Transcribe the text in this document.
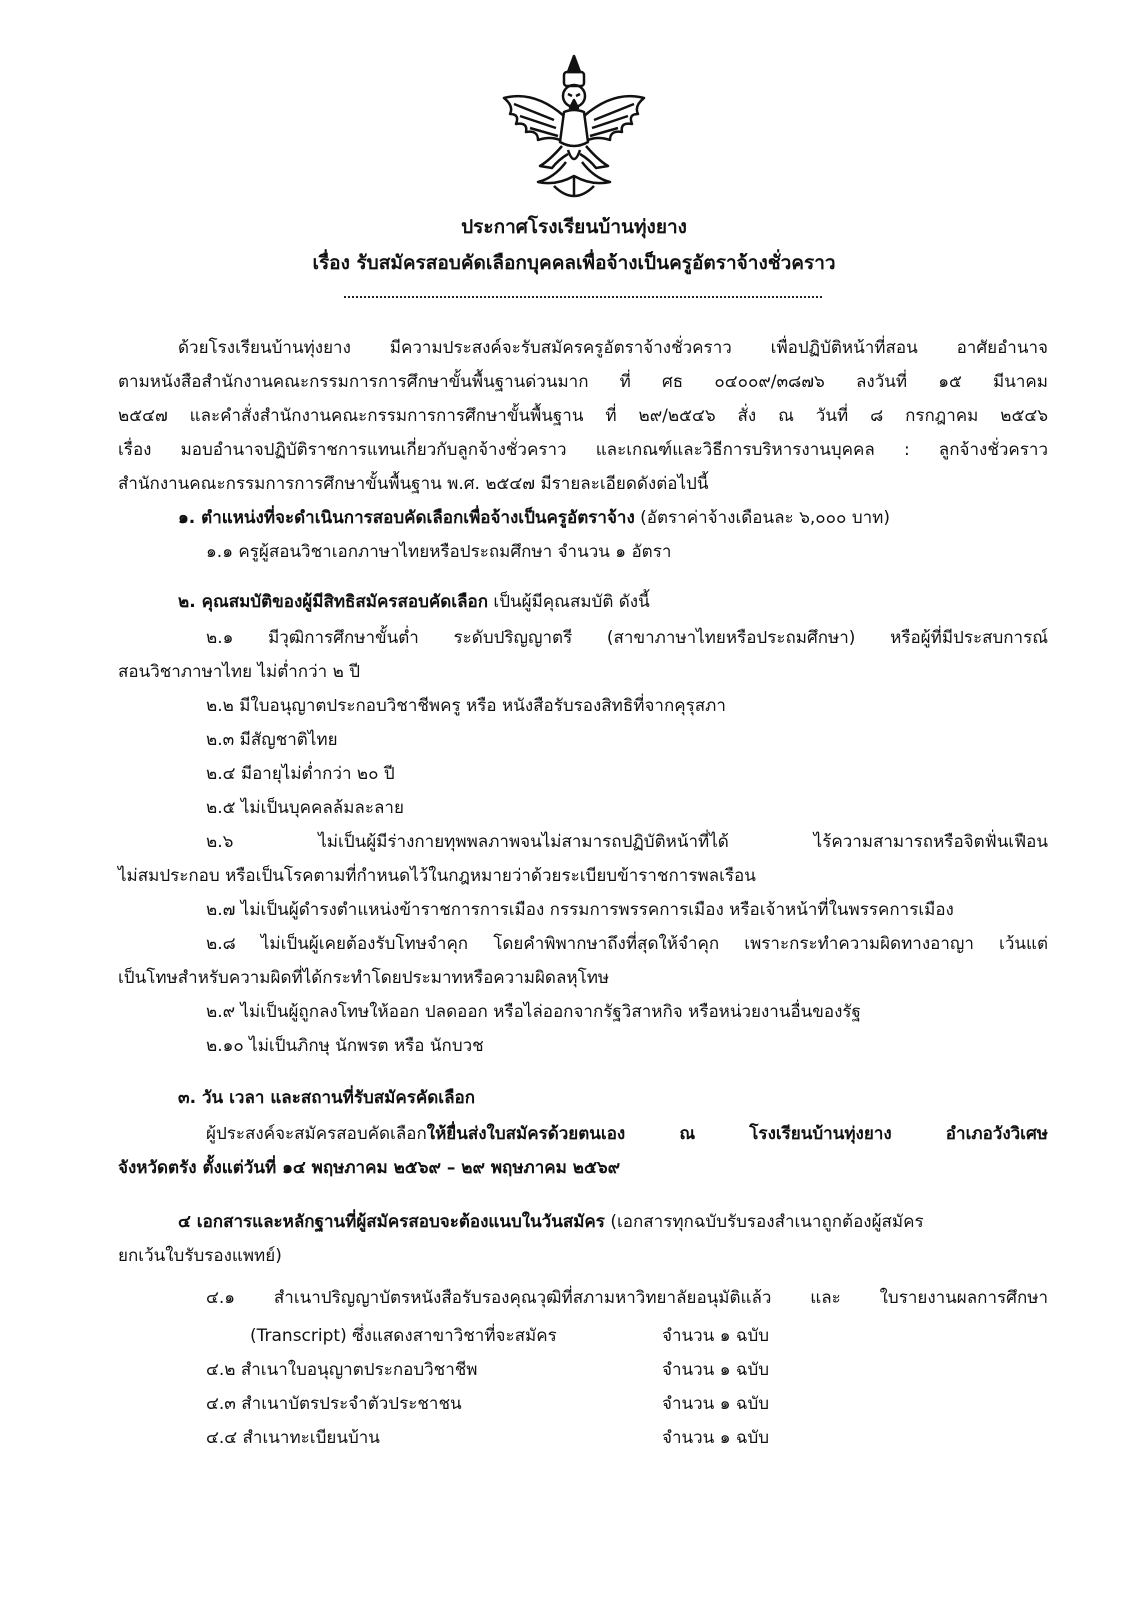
ประกาศโรงเรียนบ้านทุ่งยาง
เรื่อง รับสมัครสอบคัดเลือกบุคคลเพื่อจ้างเป็นครูอัตราจ้างชั่วคราว
ด้วยโรงเรียนบ้านทุ่งยาง มีความประสงค์จะรับสมัครครูอัตราจ้างชั่วคราว เพื่อปฏิบัติหน้าที่สอน อาศัยอำนาจ
ตามหนังสือสำนักงานคณะกรรมการการศึกษาขั้นพื้นฐานด่วนมาก ที่ ศธ ๐๔๐๐๙/๓๘๗๖ ลงวันที่ ๑๕ มีนาคม
๒๕๔๗ และคำสั่งสำนักงานคณะกรรมการการศึกษาขั้นพื้นฐาน ที่ ๒๙/๒๕๔๖ สั่ง ณ วันที่ ๘ กรกฎาคม ๒๕๔๖
เรื่อง มอบอำนาจปฏิบัติราชการแทนเกี่ยวกับลูกจ้างชั่วคราว และเกณฑ์และวิธีการบริหารงานบุคคล : ลูกจ้างชั่วคราว
สำนักงานคณะกรรมการการศึกษาขั้นพื้นฐาน พ.ศ. ๒๕๔๗ มีรายละเอียดดังต่อไปนี้
๑. ตำแหน่งที่จะดำเนินการสอบคัดเลือกเพื่อจ้างเป็นครูอัตราจ้าง (อัตราค่าจ้างเดือนละ ๖,๐๐๐ บาท)
๑.๑ ครูผู้สอนวิชาเอกภาษาไทยหรือประถมศึกษา จำนวน ๑ อัตรา
๒. คุณสมบัติของผู้มีสิทธิสมัครสอบคัดเลือก เป็นผู้มีคุณสมบัติ ดังนี้
๒.๑ มีวุฒิการศึกษาขั้นต่ำ ระดับปริญญาตรี (สาขาภาษาไทยหรือประถมศึกษา) หรือผู้ที่มีประสบการณ์
สอนวิชาภาษาไทย ไม่ต่ำกว่า ๒ ปี
๒.๒ มีใบอนุญาตประกอบวิชาชีพครู หรือ หนังสือรับรองสิทธิที่จากคุรุสภา
๒.๓ มีสัญชาติไทย
๒.๔ มีอายุไม่ต่ำกว่า ๒๐ ปี
๒.๕ ไม่เป็นบุคคลล้มละลาย
๒.๖ ไม่เป็นผู้มีร่างกายทุพพลภาพจนไม่สามารถปฏิบัติหน้าที่ได้ ไร้ความสามารถหรือจิตฟั่นเฟือน
ไม่สมประกอบ หรือเป็นโรคตามที่กำหนดไว้ในกฎหมายว่าด้วยระเบียบข้าราชการพลเรือน
๒.๗ ไม่เป็นผู้ดำรงตำแหน่งข้าราชการการเมือง กรรมการพรรคการเมือง หรือเจ้าหน้าที่ในพรรคการเมือง
๒.๘ ไม่เป็นผู้เคยต้องรับโทษจำคุก โดยคำพิพากษาถึงที่สุดให้จำคุก เพราะกระทำความผิดทางอาญา เว้นแต่
เป็นโทษสำหรับความผิดที่ได้กระทำโดยประมาทหรือความผิดลหุโทษ
๒.๙ ไม่เป็นผู้ถูกลงโทษให้ออก ปลดออก หรือไล่ออกจากรัฐวิสาหกิจ หรือหน่วยงานอื่นของรัฐ
๒.๑๐ ไม่เป็นภิกษุ นักพรต หรือ นักบวช
๓. วัน เวลา และสถานที่รับสมัครคัดเลือก
ผู้ประสงค์จะสมัครสอบคัดเลือกให้ยื่นส่งใบสมัครด้วยตนเอง ณ โรงเรียนบ้านทุ่งยาง อำเภอวังวิเศษ
จังหวัดตรัง ตั้งแต่วันที่ ๑๔ พฤษภาคม ๒๕๖๙ – ๒๙ พฤษภาคม ๒๕๖๙
๔ เอกสารและหลักฐานที่ผู้สมัครสอบจะต้องแนบในวันสมัคร (เอกสารทุกฉบับรับรองสำเนาถูกต้องผู้สมัคร
ยกเว้นใบรับรองแพทย์)
๔.๑ สำเนาปริญญาบัตรหนังสือรับรองคุณวุฒิที่สภามหาวิทยาลัยอนุมัติแล้ว และ ใบรายงานผลการศึกษา
(Transcript) ซึ่งแสดงสาขาวิชาที่จะสมัคร	จำนวน ๑ ฉบับ
๔.๒ สำเนาใบอนุญาตประกอบวิชาชีพ	จำนวน ๑ ฉบับ
๔.๓ สำเนาบัตรประจำตัวประชาชน	จำนวน ๑ ฉบับ
๔.๔ สำเนาทะเบียนบ้าน	จำนวน ๑ ฉบับ
